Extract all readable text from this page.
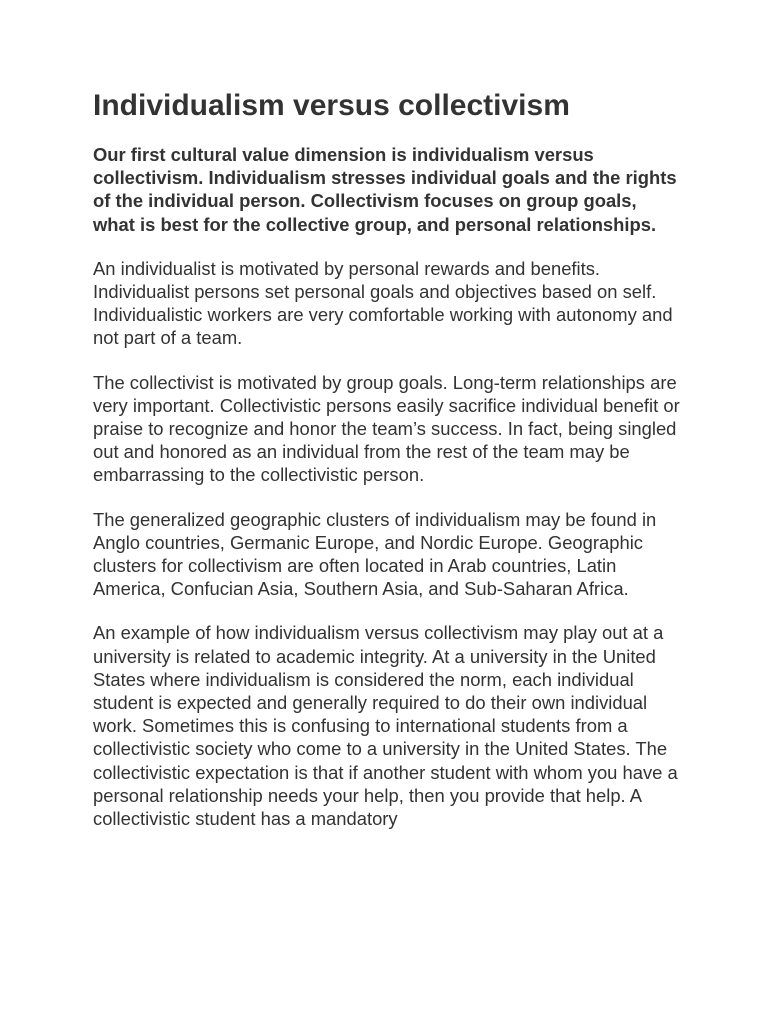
Individualism versus collectivism

Our first cultural value dimension is individualism versus collectivism. Individualism stresses individual goals and the rights of the individual person. Collectivism focuses on group goals, what is best for the collective group, and personal relationships.

An individualist is motivated by personal rewards and benefits. Individualist persons set personal goals and objectives based on self. Individualistic workers are very comfortable working with autonomy and not part of a team.

The collectivist is motivated by group goals. Long-term relationships are very important. Collectivistic persons easily sacrifice individual benefit or praise to recognize and honor the team’s success. In fact, being singled out and honored as an individual from the rest of the team may be embarrassing to the collectivistic person.

The generalized geographic clusters of individualism may be found in Anglo countries, Germanic Europe, and Nordic Europe. Geographic clusters for collectivism are often located in Arab countries, Latin America, Confucian Asia, Southern Asia, and Sub-Saharan Africa.

An example of how individualism versus collectivism may play out at a university is related to academic integrity. At a university in the United States where individualism is considered the norm, each individual student is expected and generally required to do their own individual work. Sometimes this is confusing to international students from a collectivistic society who come to a university in the United States. The collectivistic expectation is that if another student with whom you have a personal relationship needs your help, then you provide that help. A collectivistic student has a mandatory
